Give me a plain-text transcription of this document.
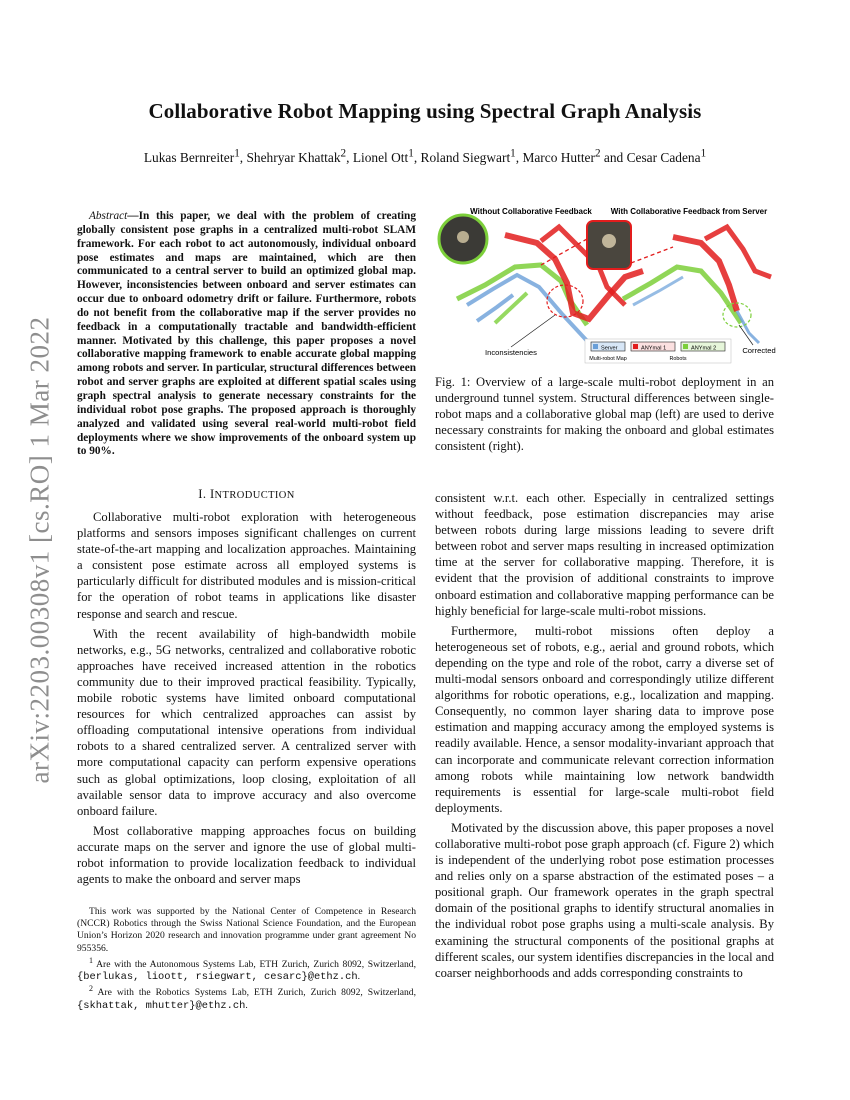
arXiv:2203.00308v1 [cs.RO] 1 Mar 2022
Collaborative Robot Mapping using Spectral Graph Analysis
Lukas Bernreiter$^1$, Shehryar Khattak$^2$, Lionel Ott$^1$, Roland Siegwart$^1$, Marco Hutter$^2$ and Cesar Cadena$^1$
Abstract—In this paper, we deal with the problem of creating globally consistent pose graphs in a centralized multi-robot SLAM framework. For each robot to act autonomously, individual onboard pose estimates and maps are maintained, which are then communicated to a central server to build an optimized global map. However, inconsistencies between onboard and server estimates can occur due to onboard odometry drift or failure. Furthermore, robots do not benefit from the collaborative map if the server provides no feedback in a computationally tractable and bandwidth-efficient manner. Motivated by this challenge, this paper proposes a novel collaborative mapping framework to enable accurate global mapping among robots and server. In particular, structural differences between robot and server graphs are exploited at different spatial scales using graph spectral analysis to generate necessary constraints for the individual robot pose graphs. The proposed approach is thoroughly analyzed and validated using several real-world multi-robot field deployments where we show improvements of the onboard system up to 90%.
I. INTRODUCTION

Collaborative multi-robot exploration with heterogeneous platforms and sensors imposes significant challenges on current state-of-the-art mapping and localization approaches. Maintaining a consistent pose estimate across all employed systems is particularly difficult for distributed modules and is mission-critical for the operation of robot teams in applications like disaster response and search and rescue.

With the recent availability of high-bandwidth mobile networks, e.g., 5G networks, centralized and collaborative robotic approaches have received increased attention in the robotics community due to their improved practical feasibility. Typically, mobile robotic systems have limited onboard computational resources for which centralized approaches can assist by offloading computational intensive operations from individual robots to a shared centralized server. A centralized server with more computational capacity can perform expensive operations such as global optimizations, loop closing, exploitation of all available sensor data to improve accuracy and also overcome onboard failure.

Most collaborative mapping approaches focus on building accurate maps on the server and ignore the use of global multi-robot information to provide localization feedback to individual agents to make the onboard and server maps

This work was supported by the National Center of Competence in Research (NCCR) Robotics through the Swiss National Science Foundation, and the European Union’s Horizon 2020 research and innovation programme under grant agreement No 955356.

$^1$ Are with the Autonomous Systems Lab, ETH Zurich, Zurich 8092, Switzerland, {berlukas, lioott, rsiegwart, cesarc}@ethz.ch.

$^2$ Are with the Robotics Systems Lab, ETH Zurich, Zurich 8092, Switzerland, {skhattak, mhutter}@ethz.ch.

Without Collaborative Feedback With Collaborative Feedback from Server
Inconsistencies	Corrected
Server	ANYmal 1	ANYmal 2
Multi-robot Map	Robots
Fig. 1: Overview of a large-scale multi-robot deployment in an underground tunnel system. Structural differences between single-robot maps and a collaborative global map (left) are used to derive necessary constraints for making the onboard and global estimates consistent (right).

consistent w.r.t. each other. Especially in centralized settings without feedback, pose estimation discrepancies may arise between robots during large missions leading to severe drift between robot and server maps resulting in increased optimization time at the server for collaborative mapping. Therefore, it is evident that the provision of additional constraints to improve onboard estimation and collaborative mapping performance can be highly beneficial for large-scale multi-robot missions.

Furthermore, multi-robot missions often deploy a heterogeneous set of robots, e.g., aerial and ground robots, which depending on the type and role of the robot, carry a diverse set of multi-modal sensors onboard and correspondingly utilize different algorithms for robotic operations, e.g., localization and mapping. Consequently, no common layer sharing data to improve pose estimation and mapping accuracy among the employed systems is readily available. Hence, a sensor modality-invariant approach that can incorporate and communicate relevant correction information among robots while maintaining low network bandwidth requirements is essential for large-scale multi-robot field deployments.

Motivated by the discussion above, this paper proposes a novel collaborative multi-robot pose graph approach (cf. Figure 2) which is independent of the underlying robot pose estimation processes and relies only on a sparse abstraction of the estimated poses – a positional graph. Our framework operates in the graph spectral domain of the positional graphs to identify structural anomalies in the individual robot pose graphs using a multi-scale analysis. By examining the structural components of the positional graphs at different scales, our system identifies discrepancies in the local and coarser neighborhoods and adds corresponding constraints to
